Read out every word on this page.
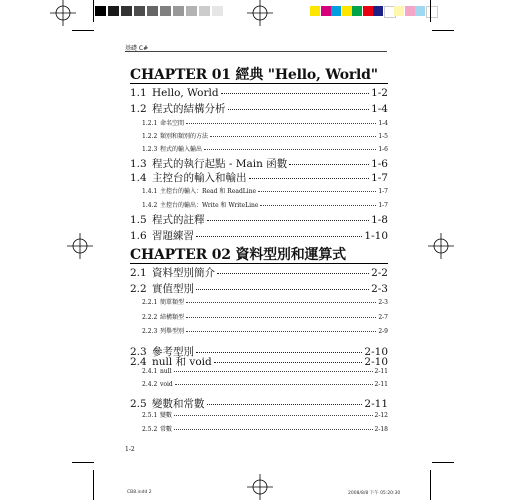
基礎 C#
1.1 Hello, World	1-2
1.2 程式的結構分析	1-4
1.2.1 命名空間	1-4
1.2.2 類別和類別的方法	1-5
1.2.3 程式的輸入輸出	1-6
1.3 程式的執行起點 - Main 函數	1-6
1.4 主控台的輸入和輸出	1-7
1.4.1 主控台的輸入：Read 和 ReadLine	1-7
1.4.2 主控台的輸出：Write 和 WriteLine	1-7
1.5 程式的註釋	1-8
1.6 習題練習	1-10
2.1 資料型別簡介	2-2
2.2 實值型別	2-3
2.2.1 簡單類型	2-3
2.2.2 結構類型	2-7
2.2.3 列舉型別	2-9
2.3 參考型別	2-10
2.4 null 和 void	2-10
2.4.1 null	2-11
2.4.2 void	2-11
2.5 變數和常數	2-11
2.5.1 變數	2-12
2.5.2 常數	2-18
1-2
CB8.indd 2	2008/8/8 下午 05:20:30
CHAPTER 01 經典 "Hello, World"
CHAPTER 02 資料型別和運算式
